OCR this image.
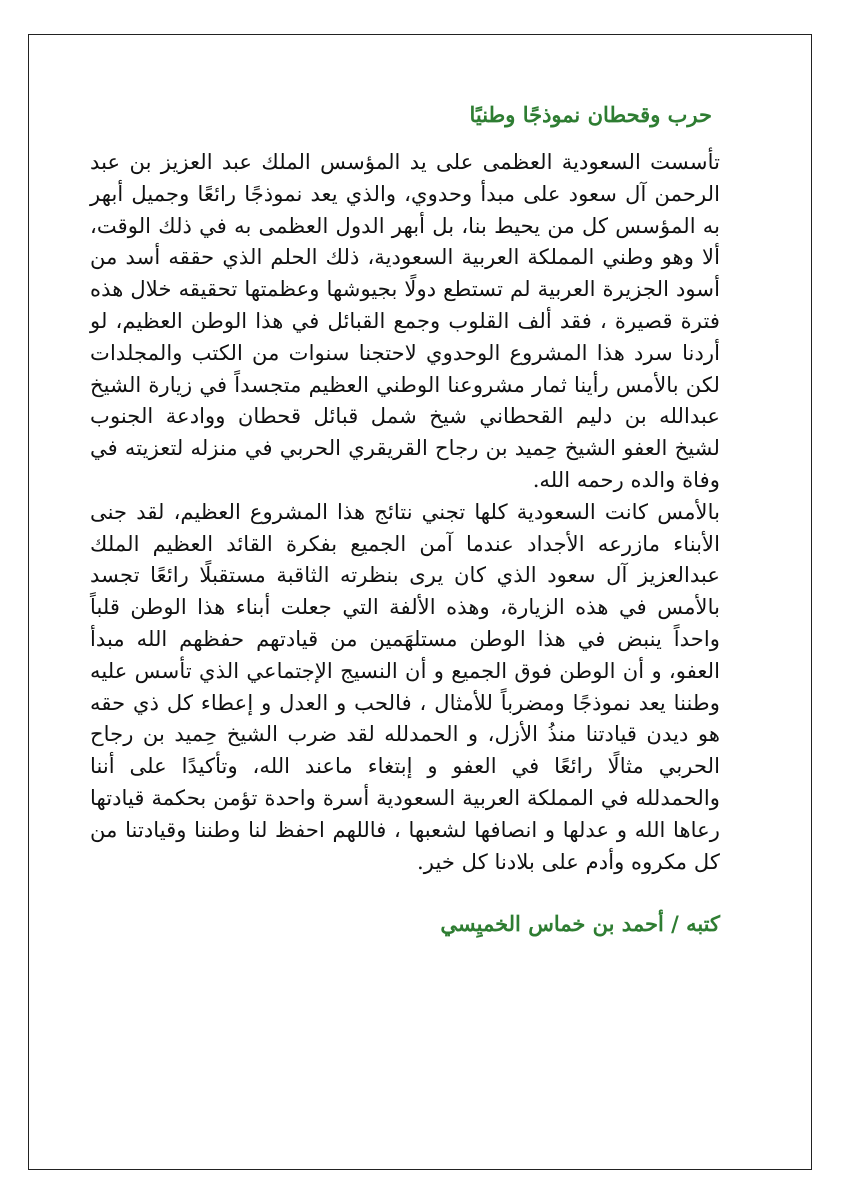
حرب وقحطان نموذجًا وطنيًا

تأسست السعودية العظمى على يد المؤسس الملك عبد العزيز بن عبد الرحمن آل سعود على مبدأ وحدوي، والذي يعد نموذجًا رائعًا وجميل أبهر به المؤسس كل من يحيط بنا، بل أبهر الدول العظمى به في ذلك الوقت، ألا وهو وطني المملكة العربية السعودية، ذلك الحلم الذي حققه أسد من أسود الجزيرة العربية لم تستطع دولًا بجيوشها وعظمتها تحقيقه خلال هذه فترة قصيرة ، فقد ألف القلوب وجمع القبائل في هذا الوطن العظيم، لو أردنا سرد هذا المشروع الوحدوي لاحتجنا سنوات من الكتب والمجلدات لكن بالأمس رأينا ثمار مشروعنا الوطني العظيم متجسداً في زيارة الشيخ عبدالله بن دليم القحطاني شيخ شمل قبائل قحطان ووادعة الجنوب لشيخ العفو الشيخ حِميد بن رجاح القريقري الحربي في منزله لتعزيته في وفاة والده رحمه الله.

بالأمس كانت السعودية كلها تجني نتائج هذا المشروع العظيم، لقد جنى الأبناء مازرعه الأجداد عندما آمن الجميع بفكرة القائد العظيم الملك عبدالعزيز آل سعود الذي كان يرى بنظرته الثاقبة مستقبلًا رائعًا تجسد بالأمس في هذه الزيارة، وهذه الألفة التي جعلت أبناء هذا الوطن قلباً واحداً ينبض في هذا الوطن مستلهَمين من قيادتهم حفظهم الله مبدأ العفو، و أن الوطن فوق الجميع و أن النسيج الإجتماعي الذي تأسس عليه وطننا يعد نموذجًا ومضرباً للأمثال ، فالحب و العدل و إعطاء كل ذي حقه هو ديدن قيادتنا منذُ الأزل، و الحمدلله لقد ضرب الشيخ حِميد بن رجاح الحربي مثالًا رائعًا في العفو و إبتغاء ماعند الله، وتأكيدًا على أننا والحمدلله في المملكة العربية السعودية أسرة واحدة تؤمن بحكمة قيادتها رعاها الله و عدلها و انصافها لشعبها ، فاللهم احفظ لنا وطننا وقيادتنا من كل مكروه وأدم على بلادنا كل خير.

كتبه / أحمد بن خماس الخميِسي
